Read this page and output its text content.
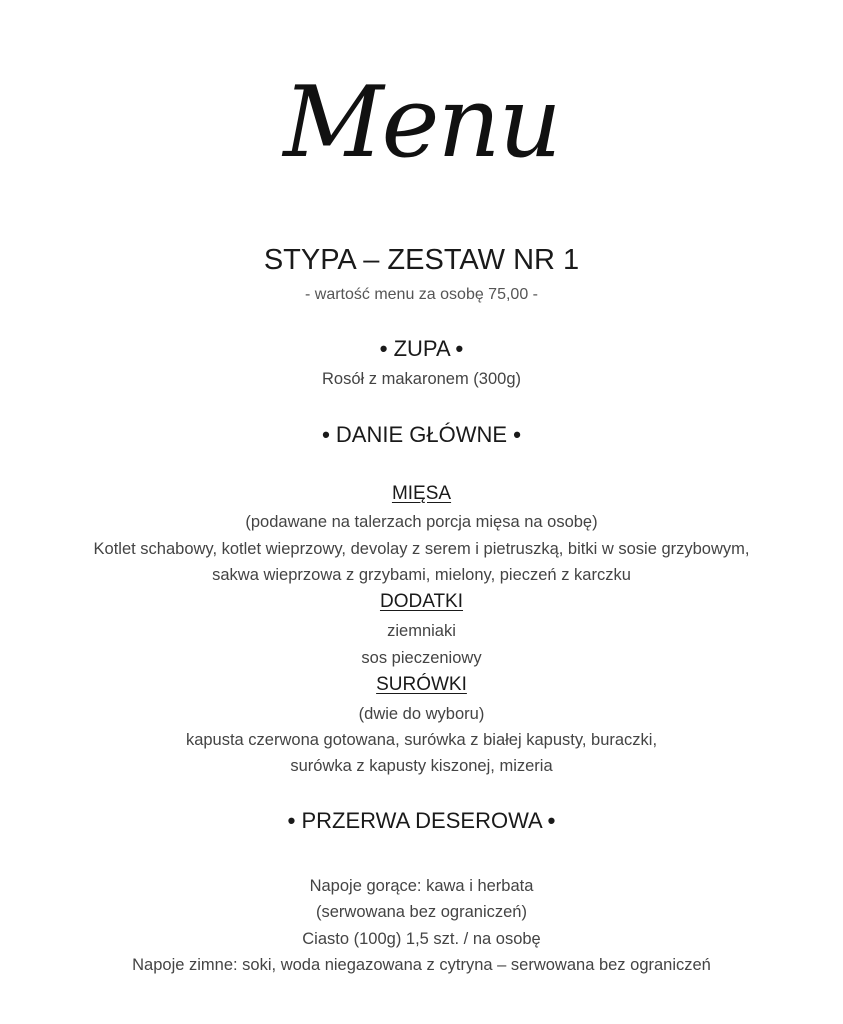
Menu
STYPA – ZESTAW NR 1
- wartość menu za osobę 75,00 -
• ZUPA •
Rosół z makaronem (300g)
• DANIE GŁÓWNE •
MIĘSA
(podawane na talerzach porcja mięsa na osobę)
Kotlet schabowy, kotlet wieprzowy, devolay z serem i pietruszką, bitki w sosie grzybowym,
sakwa wieprzowa z grzybami, mielony, pieczeń z karczku
DODATKI
ziemniaki
sos pieczeniowy
SURÓWKI
(dwie do wyboru)
kapusta czerwona gotowana, surówka z białej kapusty, buraczki,
surówka z kapusty kiszonej, mizeria
• PRZERWA DESEROWA •
Napoje gorące: kawa i herbata
(serwowana bez ograniczeń)
Ciasto (100g) 1,5 szt. / na osobę
Napoje zimne: soki, woda niegazowana z cytryna – serwowana bez ograniczeń
